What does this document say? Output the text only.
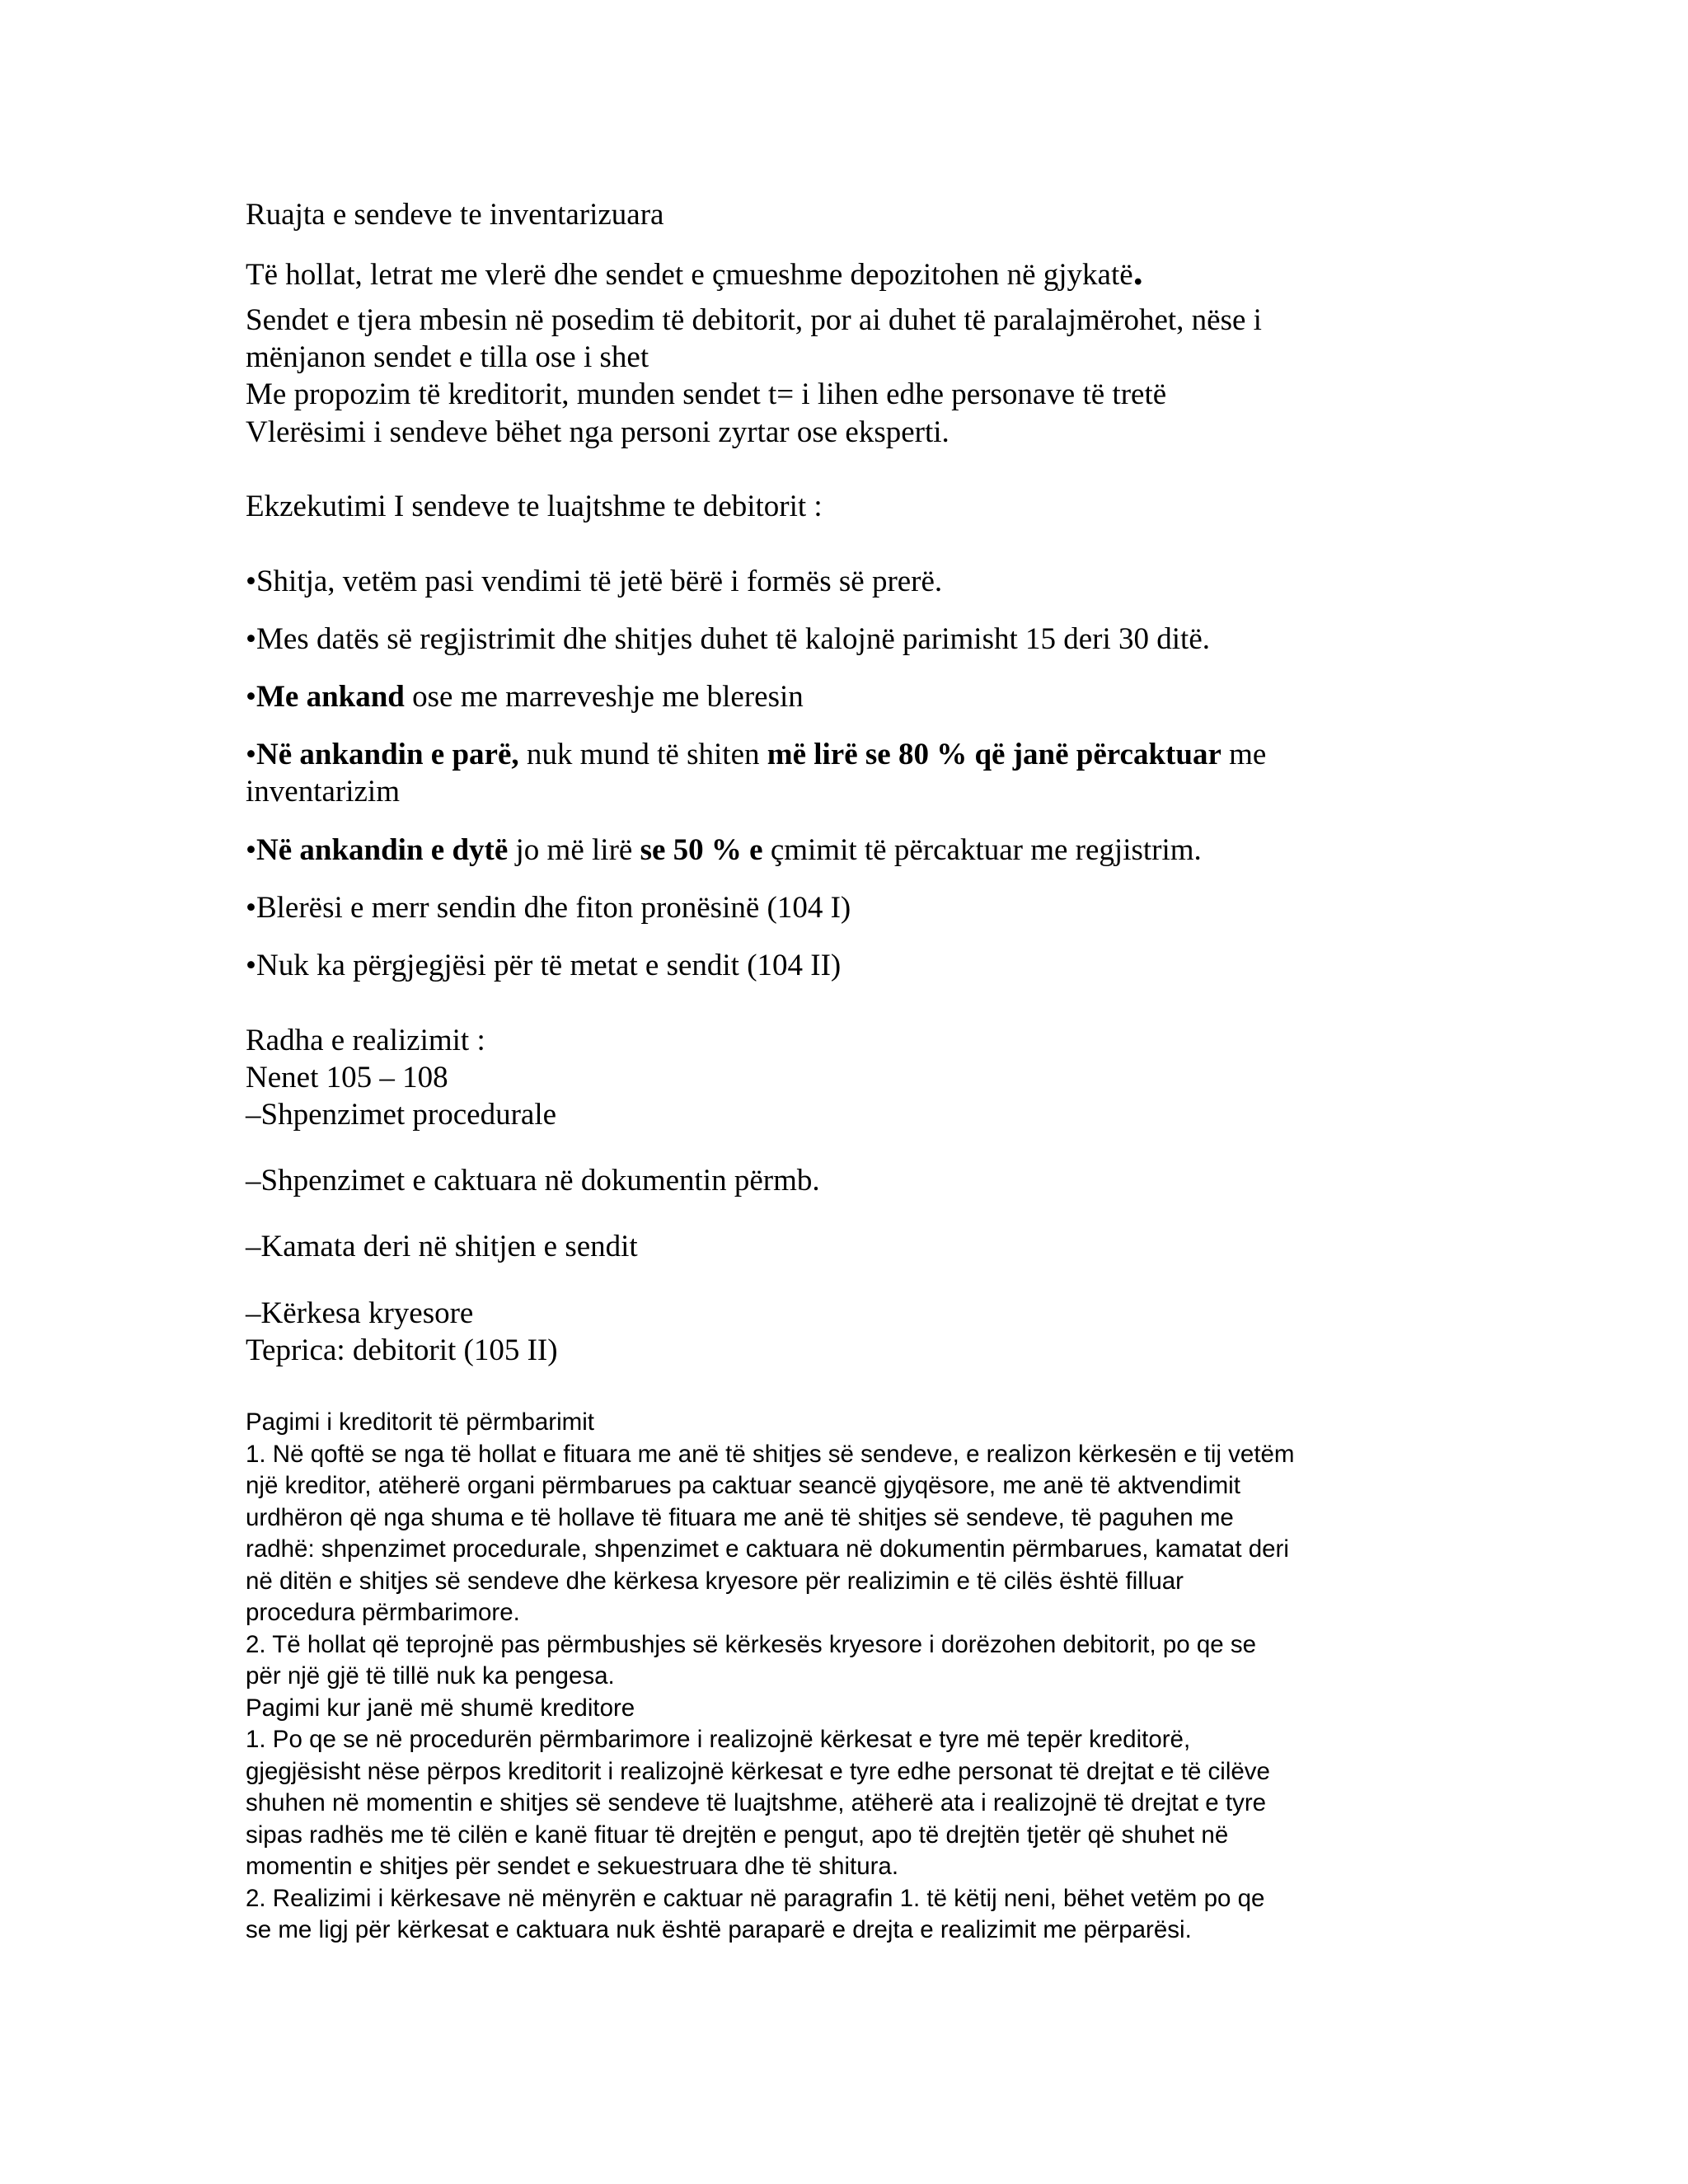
Ruajta e sendeve te inventarizuara
Të hollat, letrat me vlerë dhe sendet e çmueshme depozitohen në gjykatë.
Sendet e tjera mbesin në posedim të debitorit, por ai duhet të paralajmërohet, nëse i
mënjanon sendet e tilla ose i shet
Me propozim të kreditorit, munden sendet t= i lihen edhe personave të tretë
Vlerësimi i sendeve bëhet nga personi zyrtar ose eksperti.
Ekzekutimi I sendeve te luajtshme te debitorit :
•Shitja, vetëm pasi vendimi të jetë bërë i formës së prerë.
•Mes datës së regjistrimit dhe shitjes duhet të kalojnë parimisht 15 deri 30 ditë.
•Me ankand ose me marreveshje me bleresin
•Në ankandin e parë, nuk mund të shiten më lirë se 80 % që janë përcaktuar me
inventarizim
•Në ankandin e dytë jo më lirë se 50 % e çmimit të përcaktuar me regjistrim.
•Blerësi e merr sendin dhe fiton pronësinë (104 I)
•Nuk ka përgjegjësi për të metat e sendit (104 II)
Radha e realizimit :
Nenet 105 – 108
–Shpenzimet procedurale
–Shpenzimet e caktuara në dokumentin përmb.
–Kamata deri në shitjen e sendit
–Kërkesa kryesore
Teprica: debitorit (105 II)
Pagimi i kreditorit të përmbarimit
1. Në qoftë se nga të hollat e fituara me anë të shitjes së sendeve, e realizon kërkesën e tij vetëm
një kreditor, atëherë organi përmbarues pa caktuar seancë gjyqësore, me anë të aktvendimit
urdhëron që nga shuma e të hollave të fituara me anë të shitjes së sendeve, të paguhen me
radhë: shpenzimet procedurale, shpenzimet e caktuara në dokumentin përmbarues, kamatat deri
në ditën e shitjes së sendeve dhe kërkesa kryesore për realizimin e të cilës është filluar
procedura përmbarimore.
2. Të hollat që teprojnë pas përmbushjes së kërkesës kryesore i dorëzohen debitorit, po qe se
për një gjë të tillë nuk ka pengesa.
Pagimi kur janë më shumë kreditore
1. Po qe se në procedurën përmbarimore i realizojnë kërkesat e tyre më tepër kreditorë,
gjegjësisht nëse përpos kreditorit i realizojnë kërkesat e tyre edhe personat të drejtat e të cilëve
shuhen në momentin e shitjes së sendeve të luajtshme, atëherë ata i realizojnë të drejtat e tyre
sipas radhës me të cilën e kanë fituar të drejtën e pengut, apo të drejtën tjetër që shuhet në
momentin e shitjes për sendet e sekuestruara dhe të shitura.
2. Realizimi i kërkesave në mënyrën e caktuar në paragrafin 1. të këtij neni, bëhet vetëm po qe
se me ligj për kërkesat e caktuara nuk është paraparë e drejta e realizimit me përparësi.
